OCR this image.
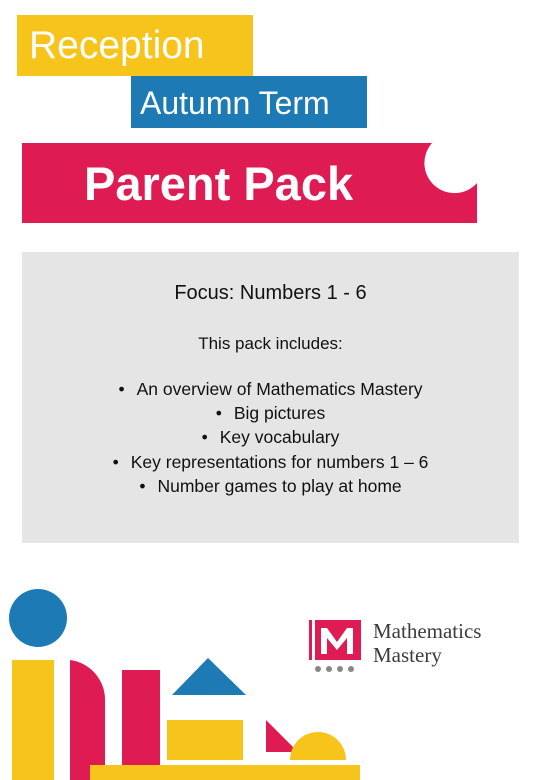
Reception
Autumn Term
Parent Pack
Focus: Numbers 1 - 6
This pack includes:
• An overview of Mathematics Mastery
• Big pictures
• Key vocabulary
• Key representations for numbers 1 – 6
• Number games to play at home
Mathematics
Mastery
